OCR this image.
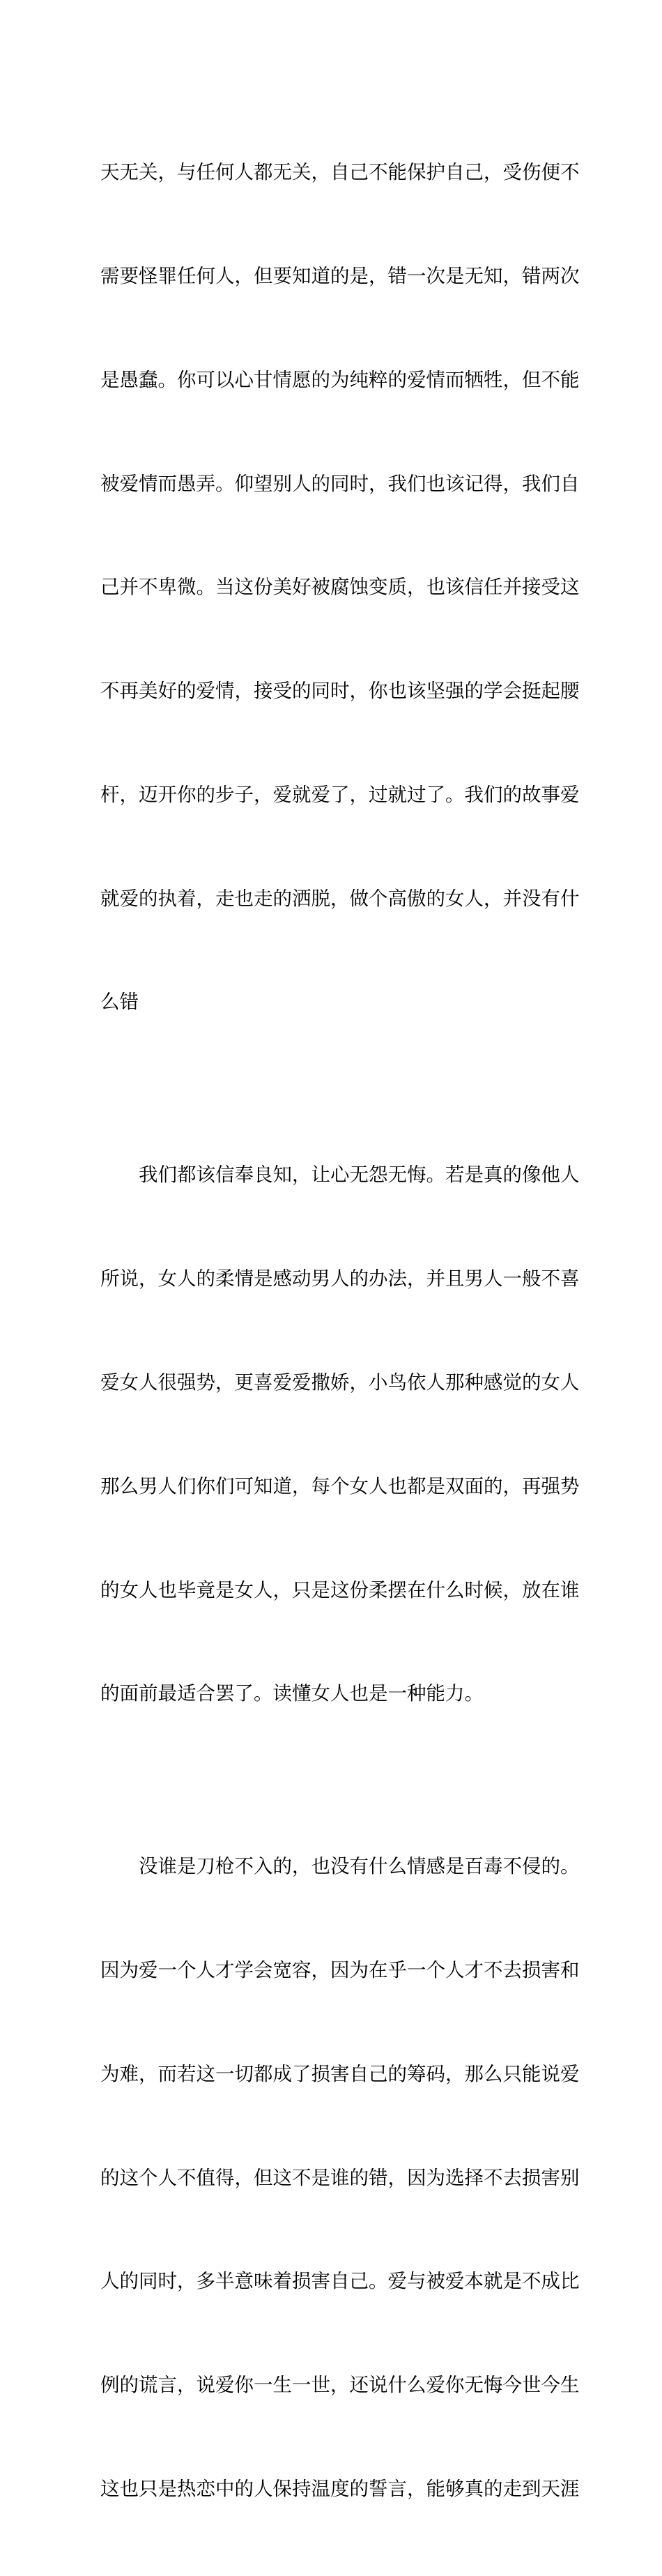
天无关，与任何人都无关，自己不能保护自己，受伤便不

需要怪罪任何人，但要知道的是，错一次是无知，错两次

是愚蠢。你可以心甘情愿的为纯粹的爱情而牺牲，但不能

被爱情而愚弄。仰望别人的同时，我们也该记得，我们自

己并不卑微。当这份美好被腐蚀变质，也该信任并接受这

不再美好的爱情，接受的同时，你也该坚强的学会挺起腰

杆，迈开你的步子，爱就爱了，过就过了。我们的故事爱

就爱的执着，走也走的洒脱，做个高傲的女人，并没有什

么错

　　我们都该信奉良知，让心无怨无悔。若是真的像他人

所说，女人的柔情是感动男人的办法，并且男人一般不喜

爱女人很强势，更喜爱爱撒娇，小鸟依人那种感觉的女人

那么男人们你们可知道，每个女人也都是双面的，再强势

的女人也毕竟是女人，只是这份柔摆在什么时候，放在谁

的面前最适合罢了。读懂女人也是一种能力。

　　没谁是刀枪不入的，也没有什么情感是百毒不侵的。

因为爱一个人才学会宽容，因为在乎一个人才不去损害和

为难，而若这一切都成了损害自己的筹码，那么只能说爱

的这个人不值得，但这不是谁的错，因为选择不去损害别

人的同时，多半意味着损害自己。爱与被爱本就是不成比

例的谎言，说爱你一生一世，还说什么爱你无悔今世今生

这也只是热恋中的人保持温度的誓言，能够真的走到天涯
